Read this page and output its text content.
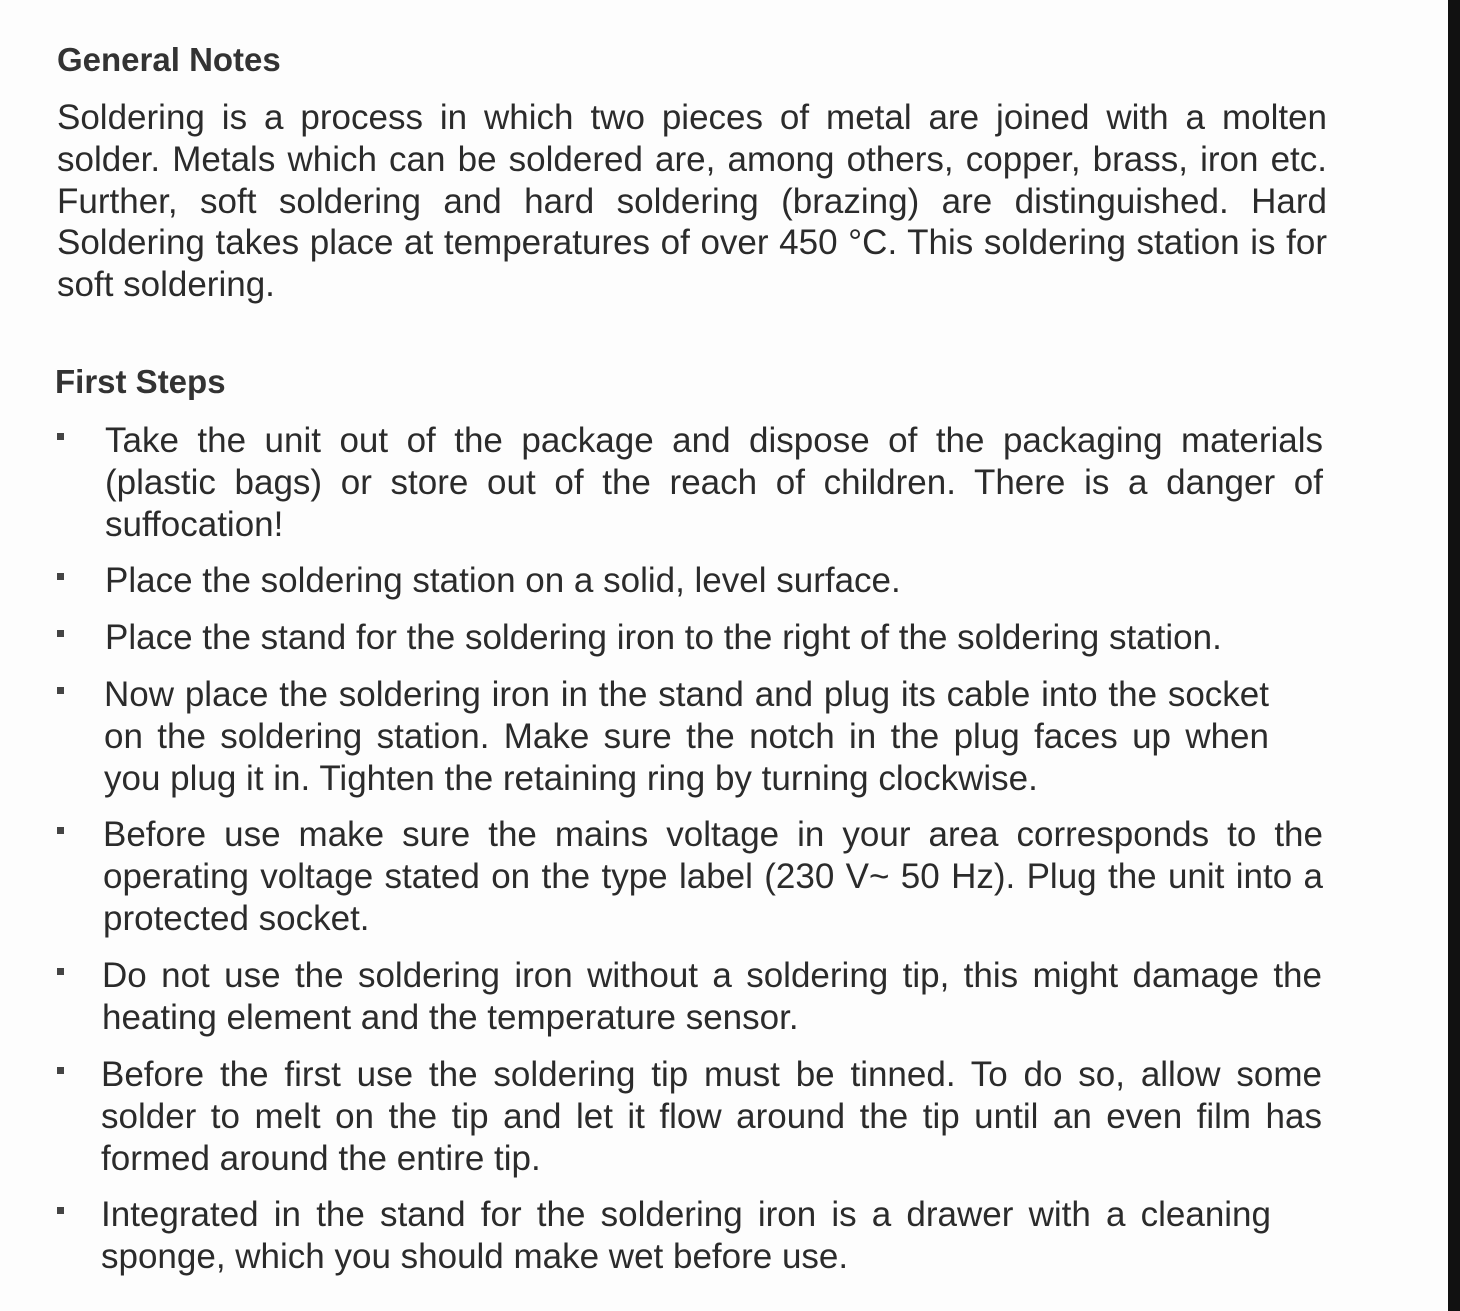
General Notes

Soldering is a process in which two pieces of metal are joined with a molten solder. Metals which can be soldered are, among others, copper, brass, iron etc. Further, soft soldering and hard soldering (brazing) are distinguished. Hard Soldering takes place at temperatures of over 450 °C. This soldering station is for soft soldering.

First Steps

Take the unit out of the package and dispose of the packaging materials (plastic bags) or store out of the reach of children. There is a danger of suffocation!

Place the soldering station on a solid, level surface.

Place the stand for the soldering iron to the right of the soldering station.

Now place the soldering iron in the stand and plug its cable into the socket on the soldering station. Make sure the notch in the plug faces up when you plug it in. Tighten the retaining ring by turning clockwise.

Before use make sure the mains voltage in your area corresponds to the operating voltage stated on the type label (230 V~ 50 Hz). Plug the unit into a protected socket.

Do not use the soldering iron without a soldering tip, this might damage the heating element and the temperature sensor.

Before the first use the soldering tip must be tinned. To do so, allow some solder to melt on the tip and let it flow around the tip until an even film has formed around the entire tip.

Integrated in the stand for the soldering iron is a drawer with a cleaning sponge, which you should make wet before use.
